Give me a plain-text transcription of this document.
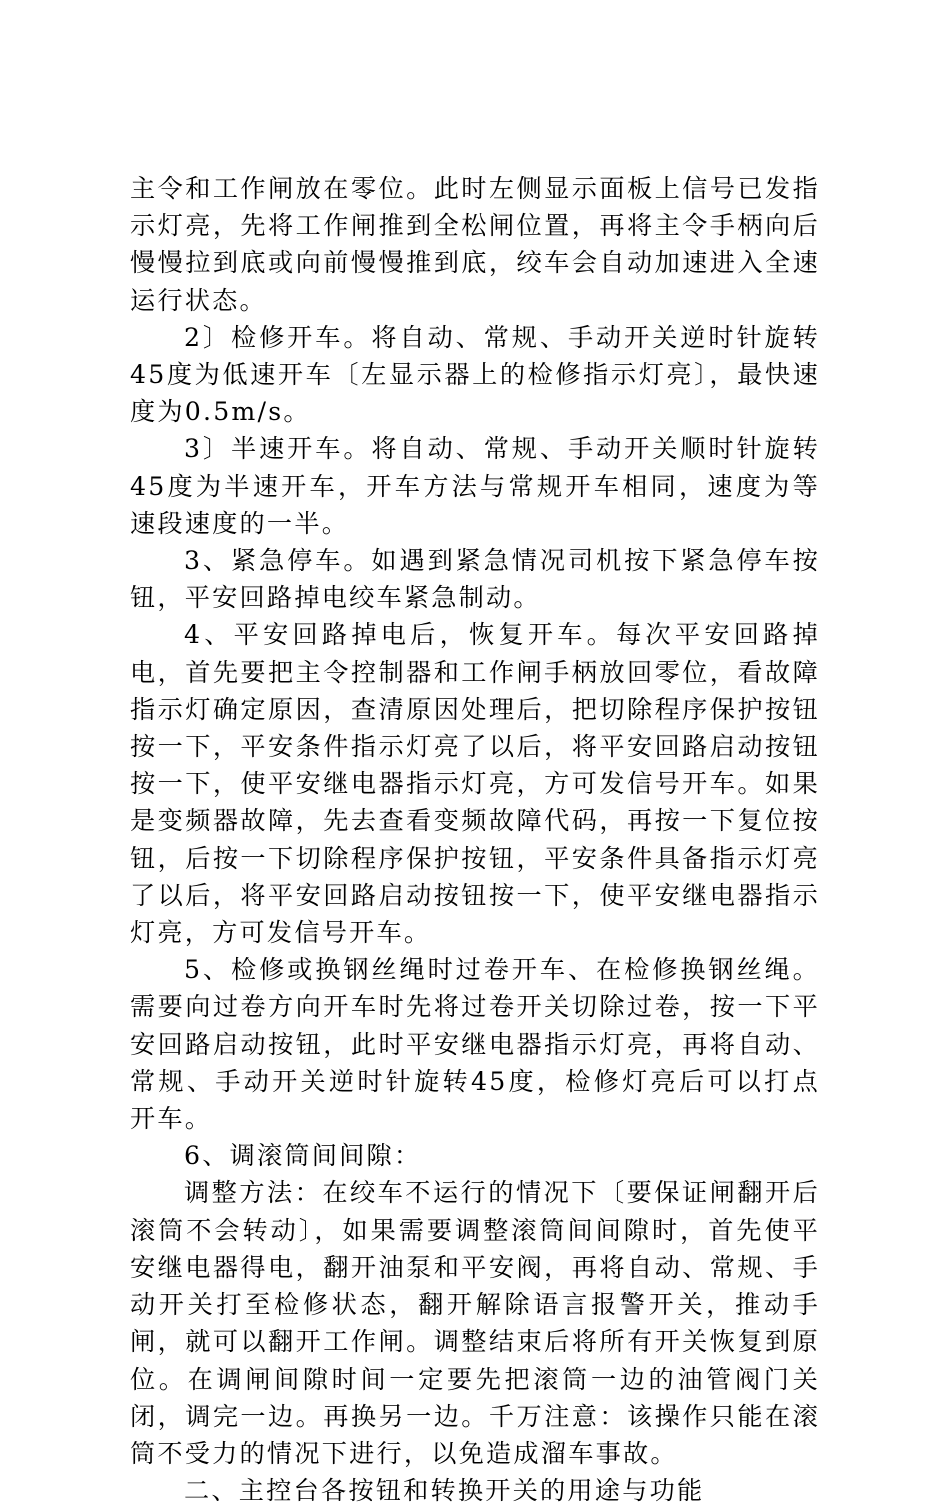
主令和工作闸放在零位。此时左侧显示面板上信号已发指示灯亮，先将工作闸推到全松闸位置，再将主令手柄向后慢慢拉到底或向前慢慢推到底，绞车会自动加速进入全速运行状态。

2〕检修开车。将自动、常规、手动开关逆时针旋转45度为低速开车〔左显示器上的检修指示灯亮〕，最快速度为0.5m/s。

3〕半速开车。将自动、常规、手动开关顺时针旋转45度为半速开车，开车方法与常规开车相同，速度为等速段速度的一半。

3、紧急停车。如遇到紧急情况司机按下紧急停车按钮，平安回路掉电绞车紧急制动。

4、平安回路掉电后，恢复开车。每次平安回路掉电，首先要把主令控制器和工作闸手柄放回零位，看故障指示灯确定原因，查清原因处理后，把切除程序保护按钮按一下，平安条件指示灯亮了以后，将平安回路启动按钮按一下，使平安继电器指示灯亮，方可发信号开车。如果是变频器故障，先去查看变频故障代码，再按一下复位按钮，后按一下切除程序保护按钮，平安条件具备指示灯亮了以后，将平安回路启动按钮按一下，使平安继电器指示灯亮，方可发信号开车。

5、检修或换钢丝绳时过卷开车、在检修换钢丝绳。需要向过卷方向开车时先将过卷开关切除过卷，按一下平安回路启动按钮，此时平安继电器指示灯亮，再将自动、常规、手动开关逆时针旋转45度，检修灯亮后可以打点开车。

6、调滚筒间间隙：

调整方法：在绞车不运行的情况下〔要保证闸翻开后滚筒不会转动〕，如果需要调整滚筒间间隙时，首先使平安继电器得电，翻开油泵和平安阀，再将自动、常规、手动开关打至检修状态，翻开解除语言报警开关，推动手闸，就可以翻开工作闸。调整结束后将所有开关恢复到原位。在调闸间隙时间一定要先把滚筒一边的油管阀门关闭，调完一边。再换另一边。千万注意：该操作只能在滚筒不受力的情况下进行，以免造成溜车事故。

二、主控台各按钮和转换开关的用途与功能
